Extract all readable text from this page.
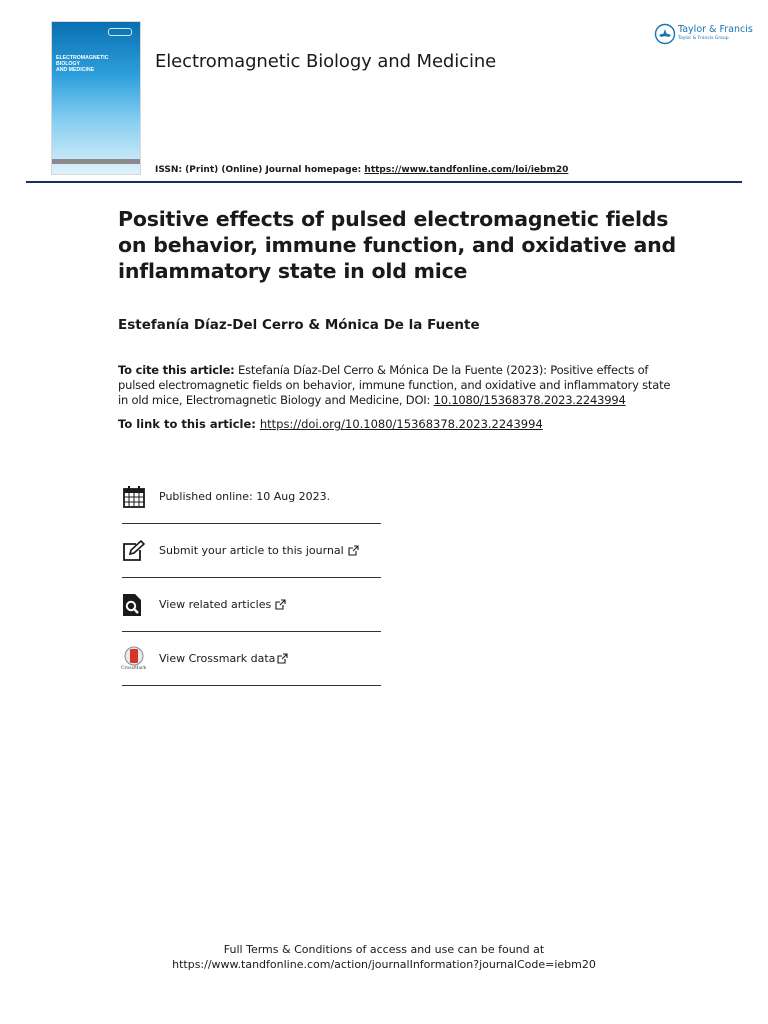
ELECTROMAGNETIC
BIOLOGY
AND MEDICINE	Electromagnetic Biology and Medicine
Taylor & Francis
Taylor & Francis Group
ISSN: (Print) (Online) Journal homepage: https://www.tandfonline.com/loi/iebm20
Positive effects of pulsed electromagnetic fields on behavior, immune function, and oxidative and inflammatory state in old mice
Estefanía Díaz-Del Cerro & Mónica De la Fuente
To cite this article: Estefanía Díaz-Del Cerro & Mónica De la Fuente (2023): Positive effects of pulsed electromagnetic fields on behavior, immune function, and oxidative and inflammatory state in old mice, Electromagnetic Biology and Medicine, DOI: 10.1080/15368378.2023.2243994
To link to this article: https://doi.org/10.1080/15368378.2023.2243994
Published online: 10 Aug 2023.
Submit your article to this journal
View related articles
CrossMark
View Crossmark data
Full Terms & Conditions of access and use can be found at
https://www.tandfonline.com/action/journalInformation?journalCode=iebm20
